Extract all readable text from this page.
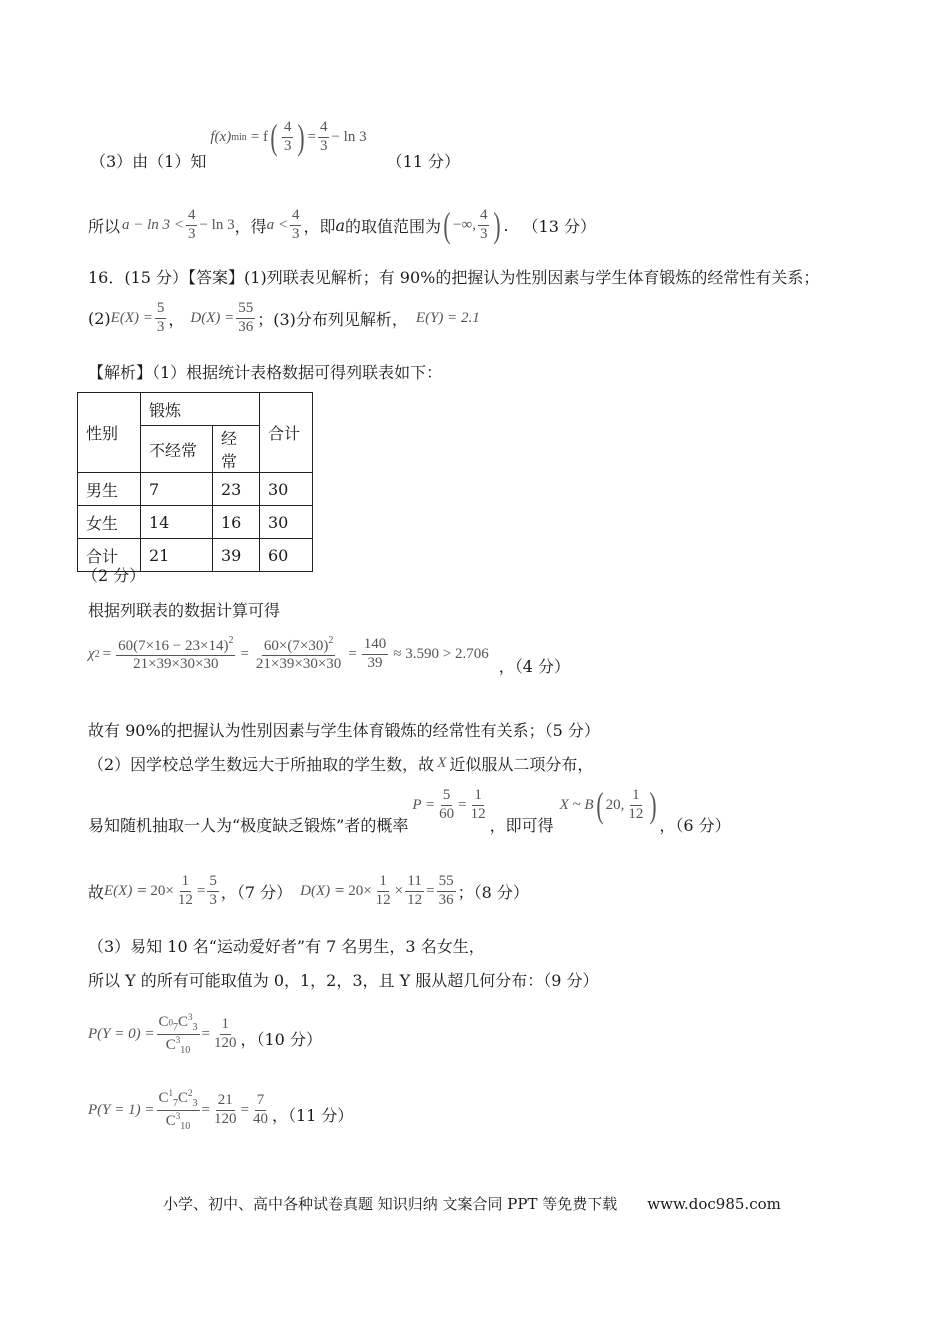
（3）由（1）知
f(x) min = f ( $\frac{4}{3}$ ) = $\frac{4}{3} - \ln 3$
（11 分）
所以 $a - \ln 3 < \frac{4}{3} - \ln 3$ ，得 $a < \frac{4}{3}$ ，即 a 的取值范围为 ( −∞, $\frac{4}{3}$ ) . （13 分）
16．(15 分）【答案】(1)列联表见解析；有 90%的把握认为性别因素与学生体育锻炼的经常性有关系；
(2) $E(X) = \frac{5}{3}$ ， $D(X) = \frac{55}{36}$ ；(3)分布列见解析， E(Y) = 2.1
【解析】（1）根据统计表格数据可得列联表如下：
性别	锻炼		合计
	不经常	经常	
男生	7	23	30
女生	14	16	30
合计	21	39	60
（2 分）
根据列联表的数据计算可得
χ $2 = \frac{60(7\times 16 - 23\times 14)^2}{21\times 39\times 30\times 30} = \frac{60\times(7\times 30)^2}{21\times 39\times 30\times 30} = \frac{140}{39} \approx 3.590 > 2.706$
，（4 分）
故有 90%的把握认为性别因素与学生体育锻炼的经常性有关系；（5 分）
（2）因学校总学生数远大于所抽取的学生数，故 X 近似服从二项分布，
易知随机抽取一人为“极度缺乏锻炼”者的概率
$P = \frac{5}{60} = \frac{1}{12}$
，即可得
X ~ B ( 20, $\frac{1}{12}$ )
，（6 分）
故 E(X) =
= $20\times \frac{1}{12} = \frac{5}{3}$ ，（7 分） D(X) =
= $20\times \frac{1}{12} \times \frac{11}{12} = \frac{55}{36}$ ；（8 分）
（3）易知 10 名“运动爱好者”有 7 名男生，3 名女生，
所以 Y 的所有可能取值为 0，1，2，3，且 Y 服从超几何分布：（9 分）
$P(Y = 0) = \frac{C_{^07}C^3_3}{C^3_{10}} = \frac{1}{120}$ ，（10 分）
$P(Y = 1) = \frac{C^1_7C^2_3}{C^3_{10}} = \frac{21}{120} = \frac{7}{40}$ ，（11 分）
小学、初中、高中各种试卷真题 知识归纳 文案合同 PPT 等免费下载 www.doc985.com
